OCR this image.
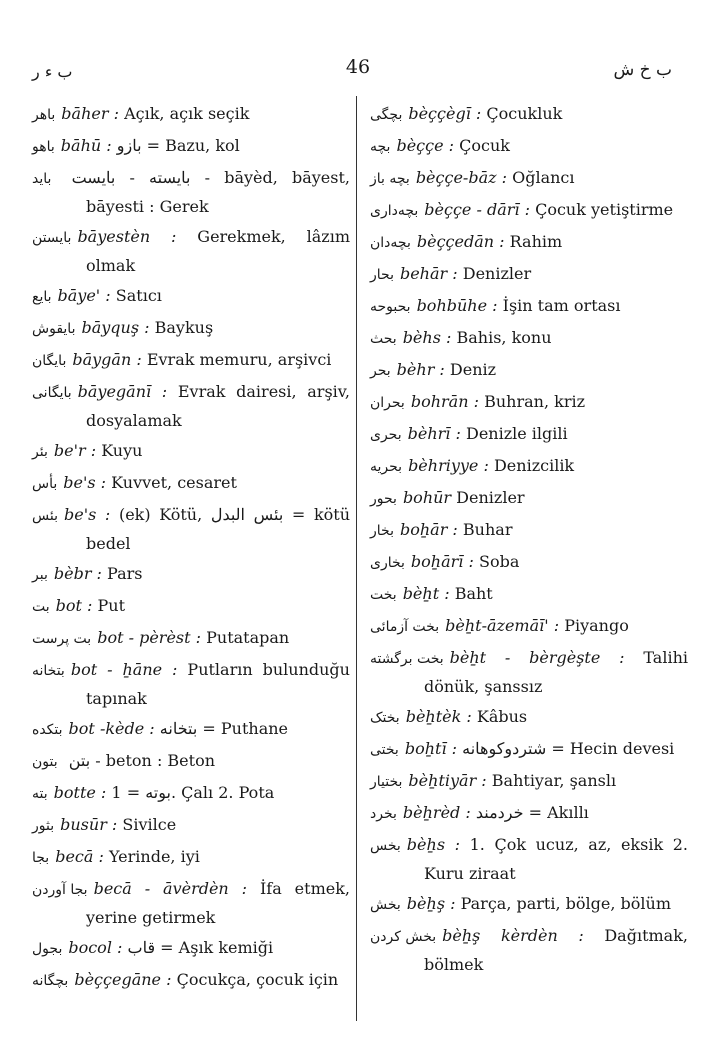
ب ء ر	46	ب خ ش
باهر bāher : Açık, açık seçik
باهو bāhū : بازو = Bazu, kol
باید بایسته - بایست - bāyèd, bāyest, bāyesti : Gerek
بایستن bāyestèn : Gerekmek, lâzım olmak
بایع bāye' : Satıcı
بایقوش bāyquş : Baykuş
بایگان bāygān : Evrak memuru, arşivci
بایگانی bāyegānī : Evrak dairesi, arşiv, dosyalamak
بئر be'r : Kuyu
بأس be's : Kuvvet, cesaret
بئس be's : (ek) Kötü, بئس البدل = kötü bedel
ببر bèbr : Pars
بت bot : Put
بت پرست bot - pèrèst : Putatapan
بتخانه bot - ẖāne : Putların bulunduğu tapınak
بتکده bot -kède : بتخانه = Puthane
بتون بتن - beton : Beton
بته botte : بوته = 1. Çalı 2. Pota
بثور busūr : Sivilce
بجا becā : Yerinde, iyi
بجا آوردن becā - āvèrdèn : İfa etmek, yerine getirmek
بجول bocol : قاب = Aşık kemiği
بچگانه bèççegāne : Çocukça, çocuk için
بچگی bèççègī : Çocukluk
بچه bèççe : Çocuk
بچه باز bèççe-bāz : Oğlancı
بچه‌داری bèççe - dārī : Çocuk yetiştirme
بچه‌دان bèççedān : Rahim
بحار behār : Denizler
بحبوحه bohbūhe : İşin tam ortası
بحث bèhs : Bahis, konu
بحر bèhr : Deniz
بحران bohrān : Buhran, kriz
بحری bèhrī : Denizle ilgili
بحریه bèhriyye : Denizcilik
بحور bohūr Denizler
بخار boẖār : Buhar
بخاری boẖārī : Soba
بخت bèẖt : Baht
بخت آزمائی bèẖt-āzemāī' : Piyango
بخت برگشته bèẖt - bèrgèşte : Talihi dönük, şanssız
بختک bèẖtèk : Kâbus
بختی boẖtī : شتردوکوهانه = Hecin devesi
بختیار bèẖtiyār : Bahtiyar, şanslı
بخرد bèẖrèd : خردمند = Akıllı
بخس bèẖs : 1. Çok ucuz, az, eksik 2. Kuru ziraat
بخش bèẖş : Parça, parti, bölge, bölüm
بخش کردن bèẖş kèrdèn : Dağıtmak, bölmek
